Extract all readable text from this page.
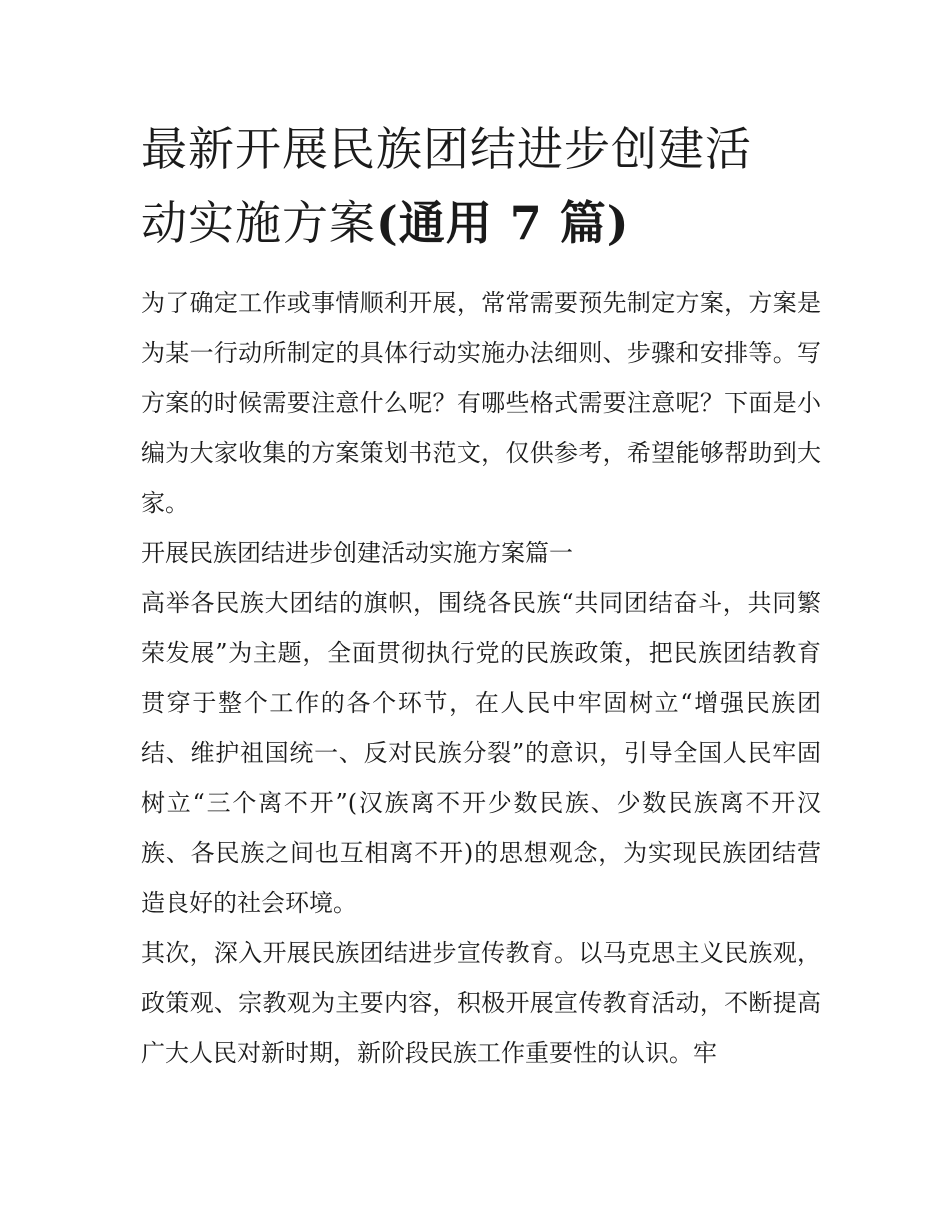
最新开展民族团结进步创建活
动实施方案(通用 7 篇)

为了确定工作或事情顺利开展，常常需要预先制定方案，方案是为某一行动所制定的具体行动实施办法细则、步骤和安排等。写方案的时候需要注意什么呢？有哪些格式需要注意呢？下面是小编为大家收集的方案策划书范文，仅供参考，希望能够帮助到大家。

开展民族团结进步创建活动实施方案篇一

高举各民族大团结的旗帜，围绕各民族“共同团结奋斗，共同繁荣发展”为主题，全面贯彻执行党的民族政策，把民族团结教育贯穿于整个工作的各个环节，在人民中牢固树立“增强民族团结、维护祖国统一、反对民族分裂”的意识，引导全国人民牢固树立“三个离不开”(汉族离不开少数民族、少数民族离不开汉族、各民族之间也互相离不开)的思想观念，为实现民族团结营造良好的社会环境。

其次，深入开展民族团结进步宣传教育。以马克思主义民族观，政策观、宗教观为主要内容，积极开展宣传教育活动，不断提高广大人民对新时期，新阶段民族工作重要性的认识。牢
